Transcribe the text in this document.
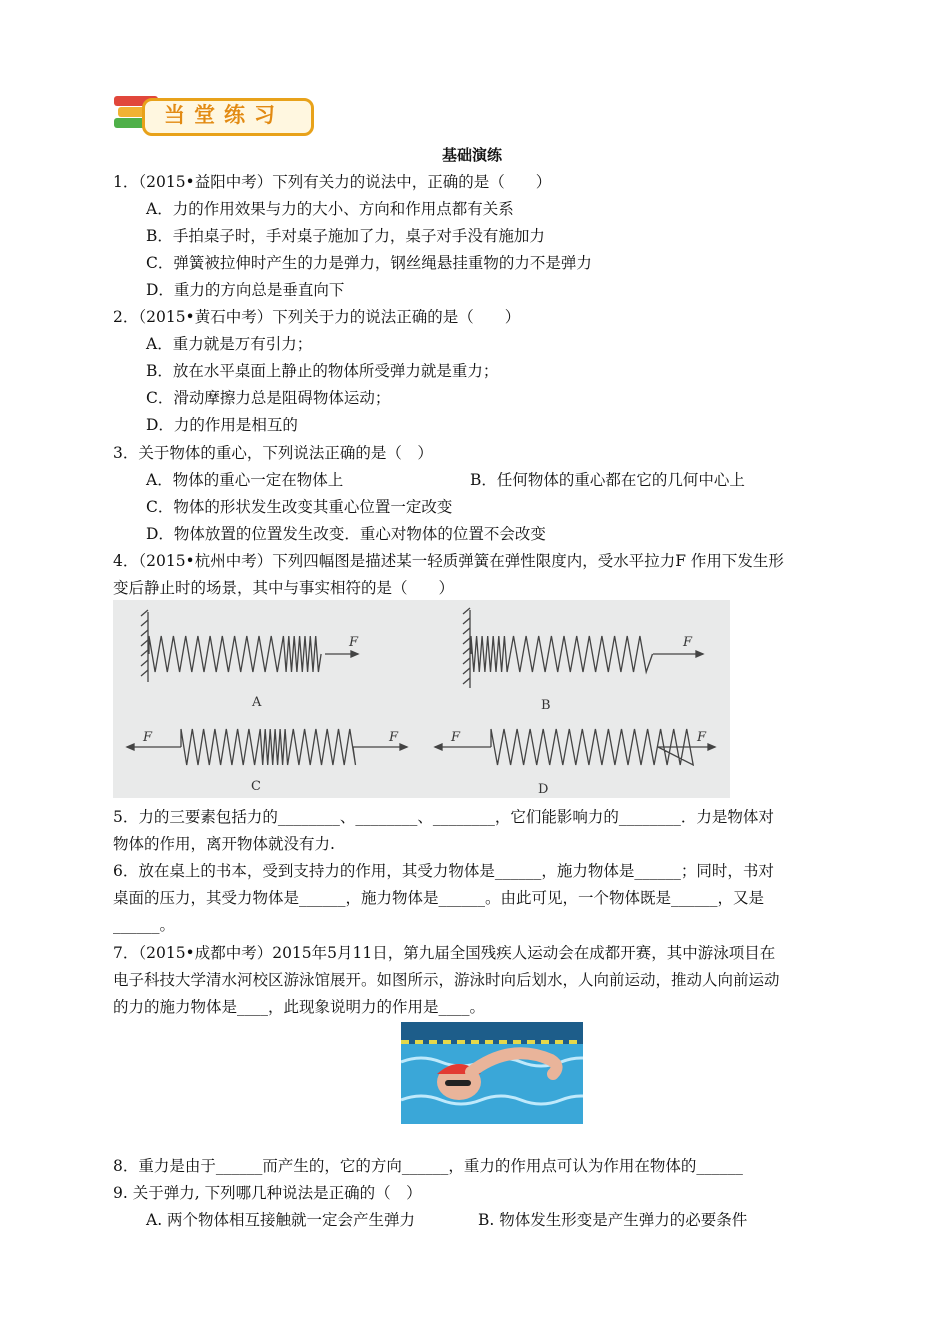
当堂练习
基础演练
1．（2015•益阳中考）下列有关力的说法中，正确的是（　　）
A．力的作用效果与力的大小、方向和作用点都有关系
B．手拍桌子时，手对桌子施加了力，桌子对手没有施加力
C．弹簧被拉伸时产生的力是弹力，钢丝绳悬挂重物的力不是弹力
D．重力的方向总是垂直向下
2．（2015•黄石中考）下列关于力的说法正确的是（　　）
A．重力就是万有引力；
B．放在水平桌面上静止的物体所受弹力就是重力；
C．滑动摩擦力总是阻碍物体运动；
D．力的作用是相互的
3．关于物体的重心，下列说法正确的是（　）
A．物体的重心一定在物体上	B．任何物体的重心都在它的几何中心上
C．物体的形状发生改变其重心位置一定改变
D．物体放置的位置发生改变．重心对物体的位置不会改变
4．（2015•杭州中考）下列四幅图是描述某一轻质弹簧在弹性限度内，受水平拉力F 作用下发生形
变后静止时的场景，其中与事实相符的是（　　）
F	F
F	F	F	F
A	B
C	D
5．力的三要素包括力的________、________、________，它们能影响力的________．力是物体对
物体的作用，离开物体就没有力.
6．放在桌上的书本，受到支持力的作用，其受力物体是______，施力物体是______；同时，书对
桌面的压力，其受力物体是______，施力物体是______。由此可见，一个物体既是______，又是
______。
7．（2015•成都中考）2015年5月11日，第九届全国残疾人运动会在成都开赛，其中游泳项目在
电子科技大学清水河校区游泳馆展开。如图所示，游泳时向后划水，人向前运动，推动人向前运动
的力的施力物体是____，此现象说明力的作用是____。
8．重力是由于______而产生的，它的方向______，重力的作用点可认为作用在物体的______
9. 关于弹力, 下列哪几种说法是正确的（　）
A. 两个物体相互接触就一定会产生弹力	B. 物体发生形变是产生弹力的必要条件
